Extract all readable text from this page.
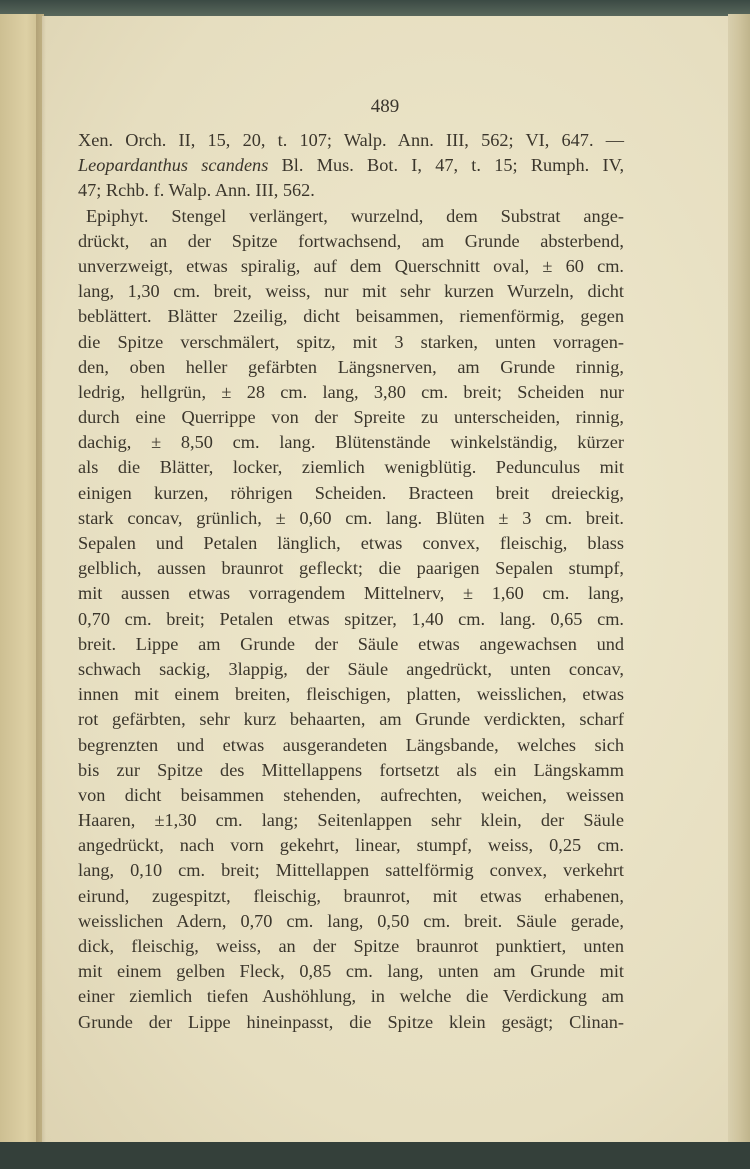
489
Xen. Orch. II, 15, 20, t. 107; Walp. Ann. III, 562; VI, 647. —
Leopardanthus scandens Bl. Mus. Bot. I, 47, t. 15; Rumph. IV,
47; Rchb. f. Walp. Ann. III, 562.
Epiphyt. Stengel verlängert, wurzelnd, dem Substrat ange-
drückt, an der Spitze fortwachsend, am Grunde absterbend,
unverzweigt, etwas spiralig, auf dem Querschnitt oval, ± 60 cm.
lang, 1,30 cm. breit, weiss, nur mit sehr kurzen Wurzeln, dicht
beblättert. Blätter 2zeilig, dicht beisammen, riemenförmig, gegen
die Spitze verschmälert, spitz, mit 3 starken, unten vorragen-
den, oben heller gefärbten Längsnerven, am Grunde rinnig,
ledrig, hellgrün, ± 28 cm. lang, 3,80 cm. breit; Scheiden nur
durch eine Querrippe von der Spreite zu unterscheiden, rinnig,
dachig, ± 8,50 cm. lang. Blütenstände winkelständig, kürzer
als die Blätter, locker, ziemlich wenigblütig. Pedunculus mit
einigen kurzen, röhrigen Scheiden. Bracteen breit dreieckig,
stark concav, grünlich, ± 0,60 cm. lang. Blüten ± 3 cm. breit.
Sepalen und Petalen länglich, etwas convex, fleischig, blass
gelblich, aussen braunrot gefleckt; die paarigen Sepalen stumpf,
mit aussen etwas vorragendem Mittelnerv, ± 1,60 cm. lang,
0,70 cm. breit; Petalen etwas spitzer, 1,40 cm. lang. 0,65 cm.
breit. Lippe am Grunde der Säule etwas angewachsen und
schwach sackig, 3lappig, der Säule angedrückt, unten concav,
innen mit einem breiten, fleischigen, platten, weisslichen, etwas
rot gefärbten, sehr kurz behaarten, am Grunde verdickten, scharf
begrenzten und etwas ausgerandeten Längsbande, welches sich
bis zur Spitze des Mittellappens fortsetzt als ein Längskamm
von dicht beisammen stehenden, aufrechten, weichen, weissen
Haaren, ±1,30 cm. lang; Seitenlappen sehr klein, der Säule
angedrückt, nach vorn gekehrt, linear, stumpf, weiss, 0,25 cm.
lang, 0,10 cm. breit; Mittellappen sattelförmig convex, verkehrt
eirund, zugespitzt, fleischig, braunrot, mit etwas erhabenen,
weisslichen Adern, 0,70 cm. lang, 0,50 cm. breit. Säule gerade,
dick, fleischig, weiss, an der Spitze braunrot punktiert, unten
mit einem gelben Fleck, 0,85 cm. lang, unten am Grunde mit
einer ziemlich tiefen Aushöhlung, in welche die Verdickung am
Grunde der Lippe hineinpasst, die Spitze klein gesägt; Clinan-
